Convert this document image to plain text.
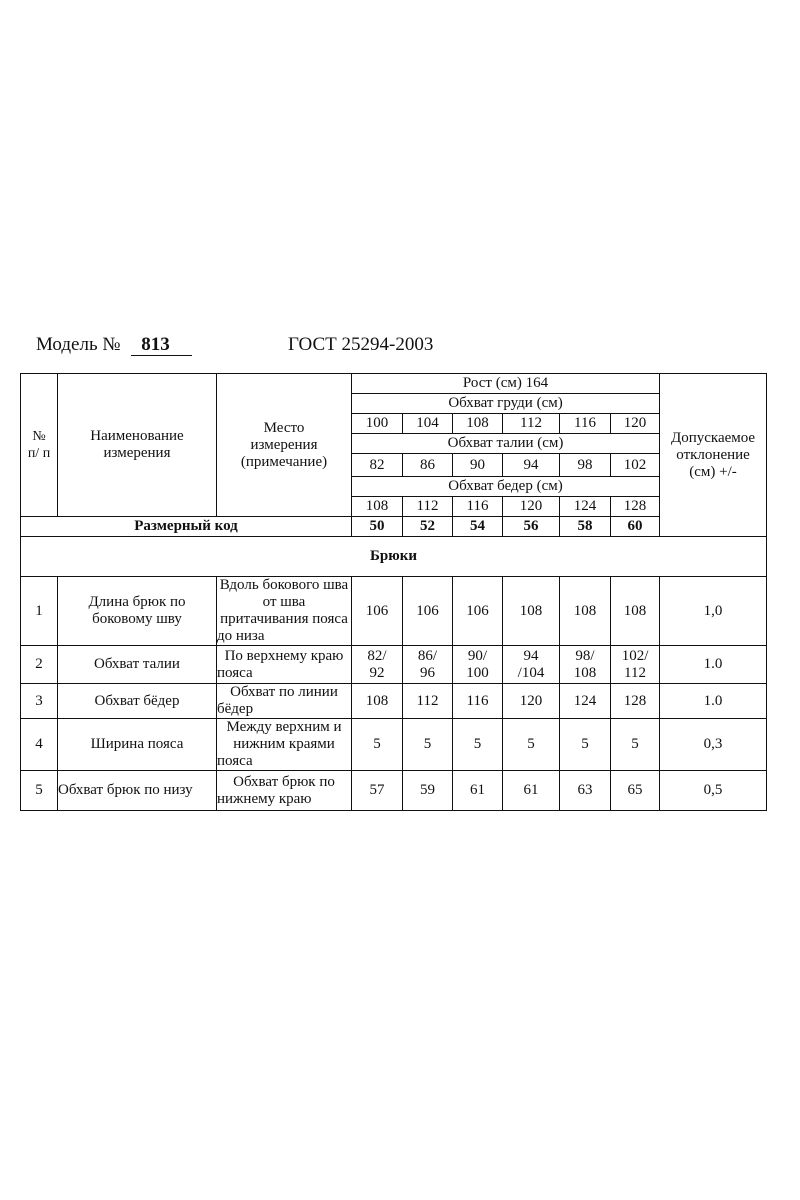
Модель № 813	ГОСТ 25294-2003
№ п/ п	Наименование измерения	Место измерения (примечание)	Рост (см) 164						Допускаемое отклонение (см) +/-
			Обхват груди (см)						
			100	104	108	112	116	120	
			Обхват талии (см)						
			82	86	90	94	98	102	
			Обхват бедер (см)						
			108	112	116	120	124	128	
Размерный код			50	52	54	56	58	60	
Брюки									
1	Длина брюк по боковому шву	Вдоль бокового шва от шва притачивания пояса до низа	106	106	106	108	108	108	1,0
2	Обхват талии	По верхнему краю пояса	82/ 92	86/ 96	90/ 100	94 /104	98/ 108	102/ 112	1.0
3	Обхват бёдер	Обхват по линии бёдер	108	112	116	120	124	128	1.0
4	Ширина пояса	Между верхним и нижним краями пояса	5	5	5	5	5	5	0,3
5	Обхват брюк по низу	Обхват брюк по нижнему краю	57	59	61	61	63	65	0,5
